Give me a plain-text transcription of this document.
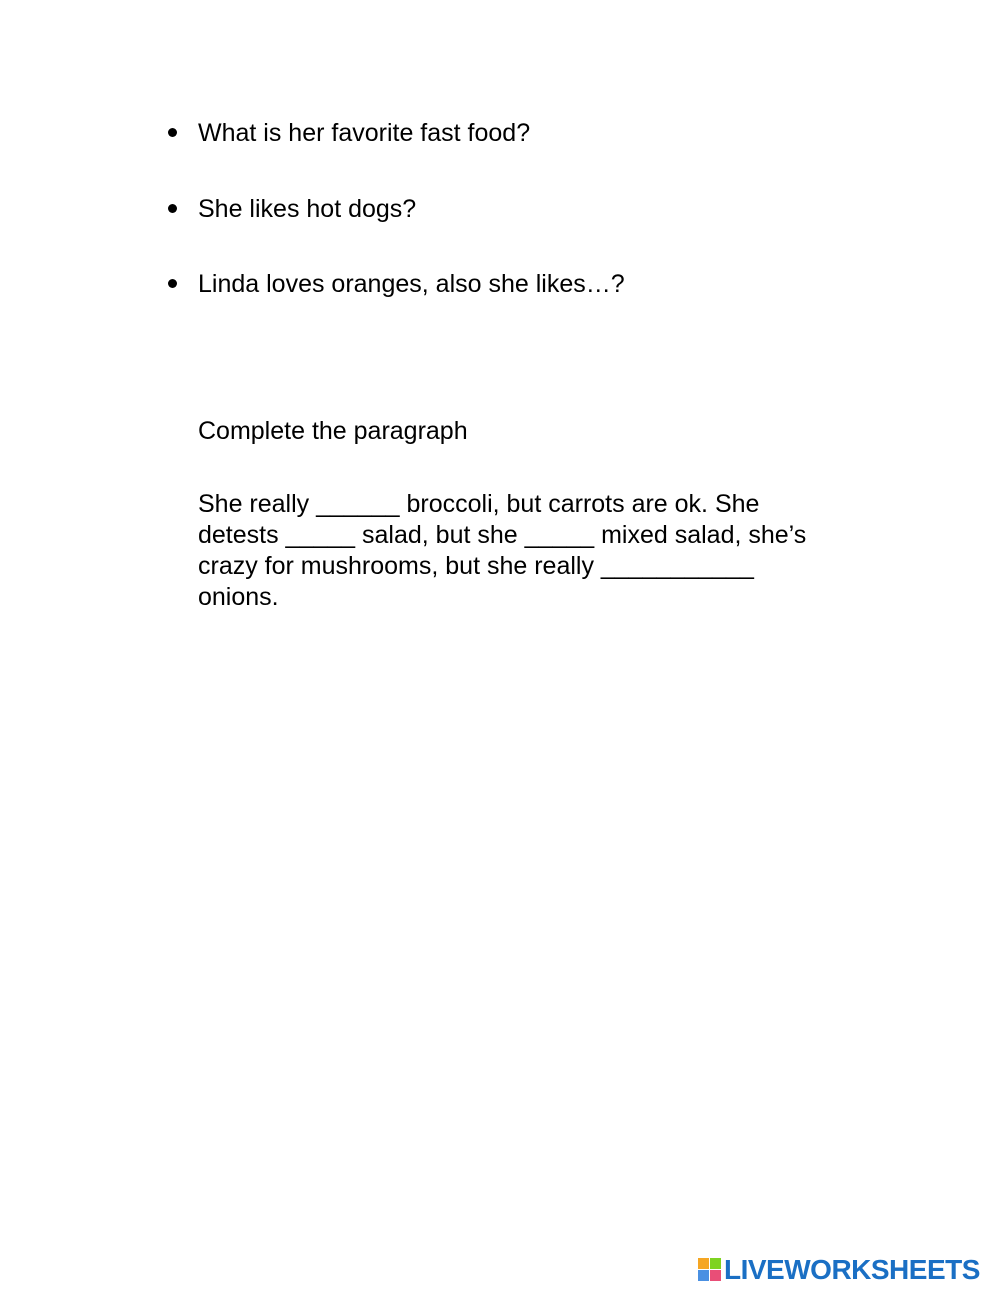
What is her favorite fast food?
She likes hot dogs?
Linda loves oranges, also she likes…?
Complete the paragraph
She really ______ broccoli, but carrots are ok. She
detests _____ salad, but she _____ mixed salad, she’s
crazy for mushrooms, but she really ___________
onions.
LIVEWORKSHEETS
